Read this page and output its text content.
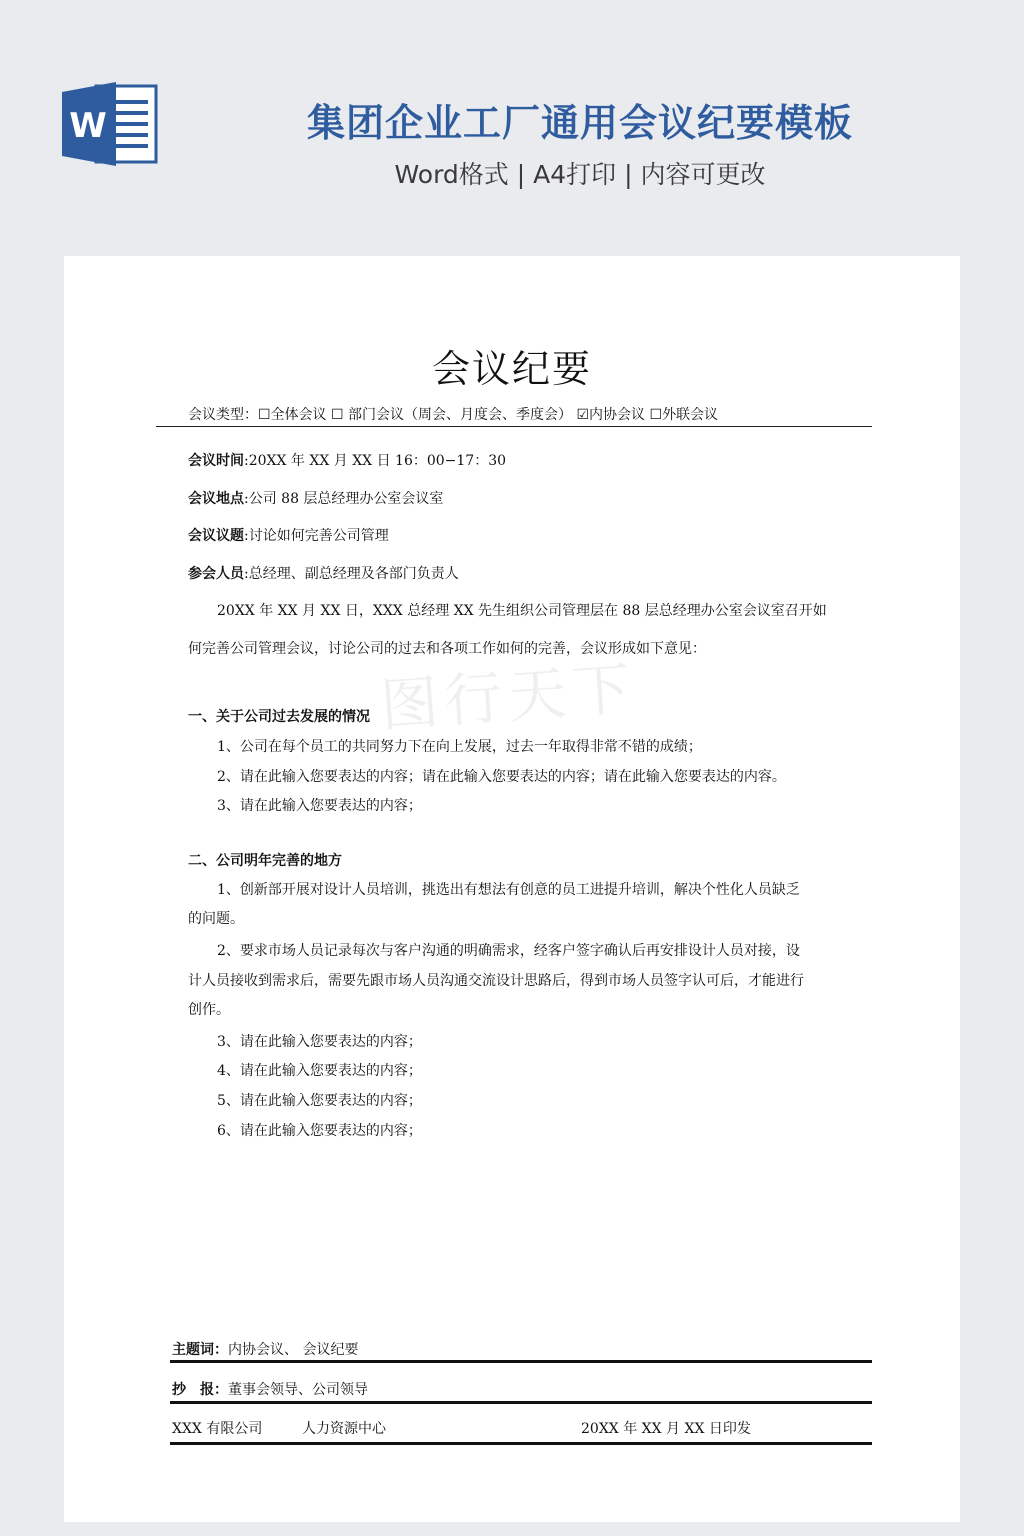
W	集团企业工厂通用会议纪要模板
Word格式 | A4打印 | 内容可更改
图行天下
会议纪要
会议类型：☐全体会议 ☐ 部门会议（周会、月度会、季度会） ☑内协会议 ☐外联会议
会议时间:20XX 年 XX 月 XX 日 16：00−17：30
会议地点:公司 88 层总经理办公室会议室
会议议题:讨论如何完善公司管理
参会人员:总经理、副总经理及各部门负责人
20XX 年 XX 月 XX 日，XXX 总经理 XX 先生组织公司管理层在 88 层总经理办公室会议室召开如
何完善公司管理会议，讨论公司的过去和各项工作如何的完善，会议形成如下意见：
一、关于公司过去发展的情况
1、公司在每个员工的共同努力下在向上发展，过去一年取得非常不错的成绩；
2、请在此输入您要表达的内容；请在此输入您要表达的内容；请在此输入您要表达的内容。
3、请在此输入您要表达的内容；
二、公司明年完善的地方
1、创新部开展对设计人员培训，挑选出有想法有创意的员工进提升培训，解决个性化人员缺乏
的问题。
2、要求市场人员记录每次与客户沟通的明确需求，经客户签字确认后再安排设计人员对接，设
计人员接收到需求后，需要先跟市场人员沟通交流设计思路后，得到市场人员签字认可后，才能进行
创作。
3、请在此输入您要表达的内容；
4、请在此输入您要表达的内容；
5、请在此输入您要表达的内容；
6、请在此输入您要表达的内容；
主题词：内协会议、 会议纪要
抄　报：董事会领导、公司领导
XXX 有限公司	人力资源中心	20XX 年 XX 月 XX 日印发
